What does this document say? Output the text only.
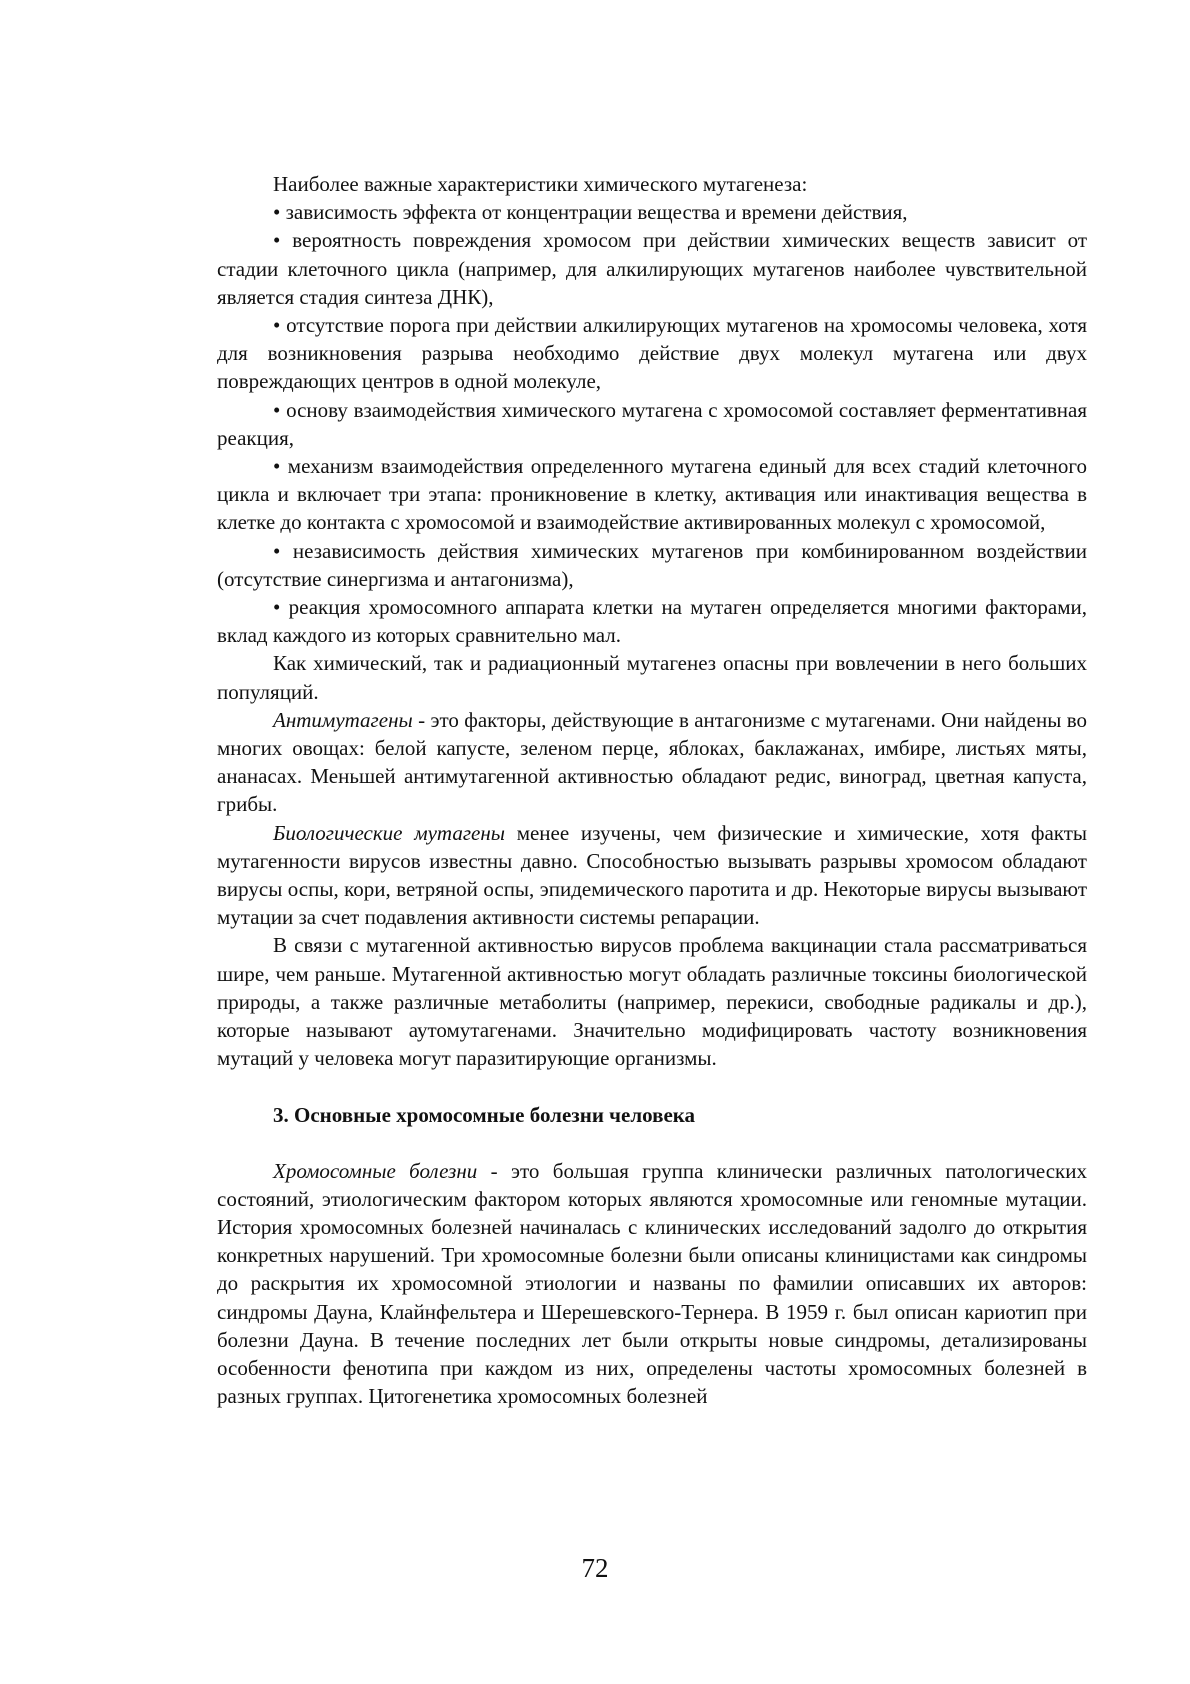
Наиболее важные характеристики химического мутагенеза:

• зависимость эффекта от концентрации вещества и времени действия,

• вероятность повреждения хромосом при действии химических веществ зависит от стадии клеточного цикла (например, для алкилирующих мутагенов наиболее чувствительной является стадия синтеза ДНК),

• отсутствие порога при действии алкилирующих мутагенов на хромосомы человека, хотя для возникновения разрыва необходимо действие двух молекул мутагена или двух повреждающих центров в одной молекуле,

• основу взаимодействия химического мутагена с хромосомой составляет ферментативная реакция,

• механизм взаимодействия определенного мутагена единый для всех стадий клеточного цикла и включает три этапа: проникновение в клетку, активация или инактивация вещества в клетке до контакта с хромосомой и взаимодействие активированных молекул с хромосомой,

• независимость действия химических мутагенов при комбинированном воздействии (отсутствие синергизма и антагонизма),

• реакция хромосомного аппарата клетки на мутаген определяется многими факторами, вклад каждого из которых сравнительно мал.

Как химический, так и радиационный мутагенез опасны при вовлечении в него больших популяций.

Антимутагены - это факторы, действующие в антагонизме с мутагенами. Они найдены во многих овощах: белой капусте, зеленом перце, яблоках, баклажанах, имбире, листьях мяты, ананасах. Меньшей антимутагенной активностью обладают редис, виноград, цветная капуста, грибы.

Биологические мутагены менее изучены, чем физические и химические, хотя факты мутагенности вирусов известны давно. Способностью вызывать разрывы хромосом обладают вирусы оспы, кори, ветряной оспы, эпидемического паротита и др. Некоторые вирусы вызывают мутации за счет подавления активности системы репарации.

В связи с мутагенной активностью вирусов проблема вакцинации стала рассматриваться шире, чем раньше. Мутагенной активностью могут обладать различные токсины биологической природы, а также различные метаболиты (например, перекиси, свободные радикалы и др.), которые называют аутомутагенами. Значительно модифицировать частоту возникновения мутаций у человека могут паразитирующие организмы.

3. Основные хромосомные болезни человека

Хромосомные болезни - это большая группа клинически различных патологических состояний, этиологическим фактором которых являются хромосомные или геномные мутации. История хромосомных болезней начиналась с клинических исследований задолго до открытия конкретных нарушений. Три хромосомные болезни были описаны клиницистами как синдромы до раскрытия их хромосомной этиологии и названы по фамилии описавших их авторов: синдромы Дауна, Клайнфельтера и Шерешевского-Тернера. В 1959 г. был описан кариотип при болезни Дауна. В течение последних лет были открыты новые синдромы, детализированы особенности фенотипа при каждом из них, определены частоты хромосомных болезней в разных группах. Цитогенетика хромосомных болезней

72
